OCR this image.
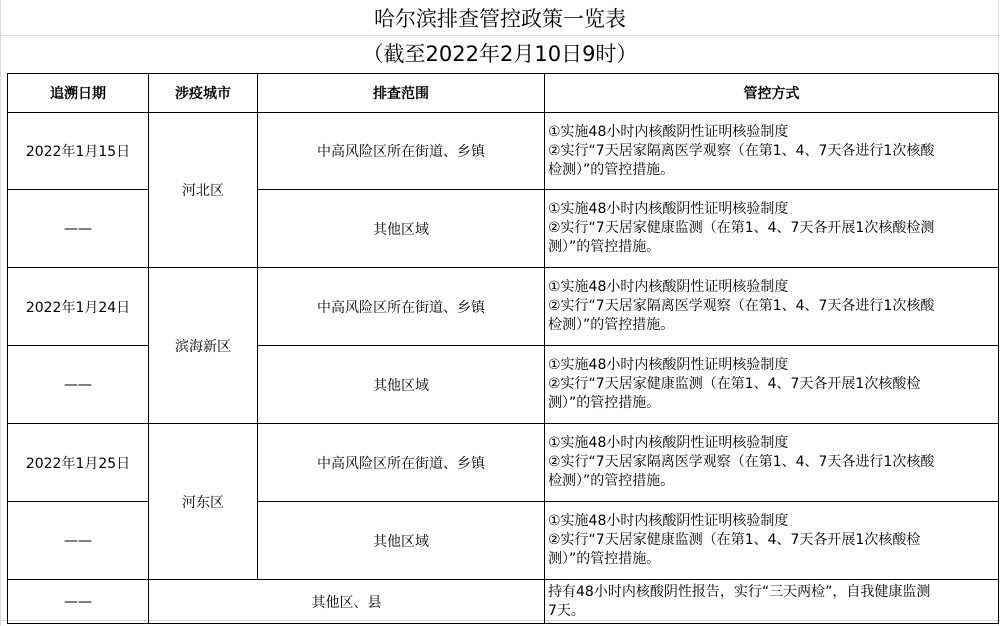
哈尔滨排查管控政策一览表
（截至2022年2月10日9时）
追溯日期	涉疫城市	排查范围	管控方式
2022年1月15日	河北区	中高风险区所在街道、乡镇	①实施48小时内核酸阴性证明核验制度
②实行“7天居家隔离医学观察（在第1、4、7天各进行1次核酸
检测）”的管控措施。

——		其他区域	①实施48小时内核酸阴性证明核验制度
②实行“7天居家健康监测（在第1、4、7天各开展1次核酸检测
测）”的管控措施。

2022年1月24日	滨海新区	中高风险区所在街道、乡镇	①实施48小时内核酸阴性证明核验制度
②实行“7天居家隔离医学观察（在第1、4、7天各进行1次核酸
检测）”的管控措施。

——		其他区域	①实施48小时内核酸阴性证明核验制度
②实行“7天居家健康监测（在第1、4、7天各开展1次核酸检
测）”的管控措施。

2022年1月25日	河东区	中高风险区所在街道、乡镇	①实施48小时内核酸阴性证明核验制度
②实行“7天居家隔离医学观察（在第1、4、7天各进行1次核酸
检测）”的管控措施。

——		其他区域	①实施48小时内核酸阴性证明核验制度
②实行“7天居家健康监测（在第1、4、7天各开展1次核酸检
测）”的管控措施。

——	其他区、县		持有48小时内核酸阴性报告，实行“三天两检”，自我健康监测
7天。
